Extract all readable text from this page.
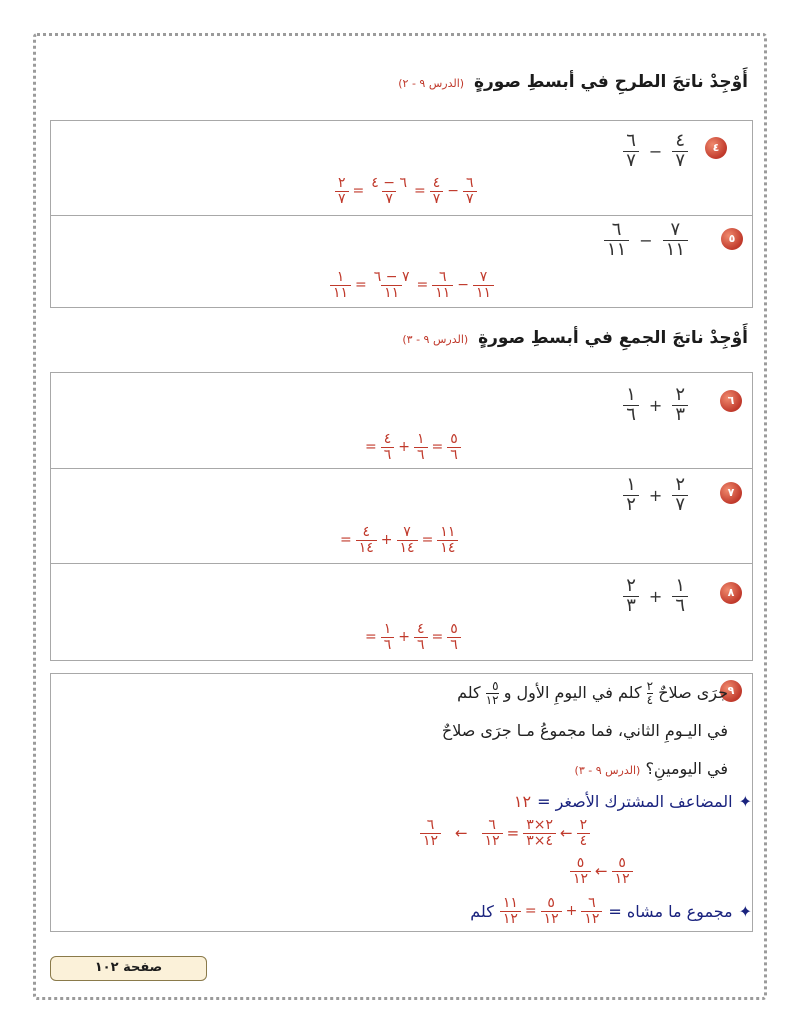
أَوْجِدْ ناتجَ الطرحِ في أبسطِ صورةٍ (الدرس ٩ - ٢)
٤
$\frac{٤}{٧}$
−
$\frac{٦}{٧}$
$\frac{٦}{٧}$
−
$\frac{٤}{٧}$
=
$\frac{٦ - ٤}{٧}$
=
$\frac{٢}{٧}$
٥
$\frac{٧}{١١}$
−
$\frac{٦}{١١}$
$\frac{٧}{١١}$
−
$\frac{٦}{١١}$
=
$\frac{٧ - ٦}{١١}$
=
$\frac{١}{١١}$
أَوْجِدْ ناتجَ الجمعِ في أبسطِ صورةٍ (الدرس ٩ - ٣)
٦
$\frac{٢}{٣}$
+
$\frac{١}{٦}$
$\frac{٥}{٦}$
=
$\frac{١}{٦}$
+
$\frac{٤}{٦}$
=
٧
$\frac{٢}{٧}$
+
$\frac{١}{٢}$
$\frac{١١}{١٤}$
=
$\frac{٧}{١٤}$
+
$\frac{٤}{١٤}$
=
٨
$\frac{١}{٦}$
+
$\frac{٢}{٣}$
$\frac{٥}{٦}$
=
$\frac{٤}{٦}$
+
$\frac{١}{٦}$
=
٩
جرَى صلاحٌ
$\frac{٢}{٤}$
كلم في اليومِ الأول و
$\frac{٥}{١٢}$
كلم
في اليـومِ الثاني، فما مجموعُ مـا جرَى صلاحٌ
في اليومينِ؟ (الدرس ٩ - ٣)
✦
المضاعف المشترك الأصغر =
١٢
$\frac{٢}{٤}$
←
$\frac{٢\times ٣}{٤\times ٣}$
=
$\frac{٦}{١٢}$
←
$\frac{٦}{١٢}$
$\frac{٥}{١٢}$
←
$\frac{٥}{١٢}$
✦
مجموع ما مشاه =
$\frac{٦}{١٢}$
+
$\frac{٥}{١٢}$
=
$\frac{١١}{١٢}$
كلم
صفحة ١٠٢
